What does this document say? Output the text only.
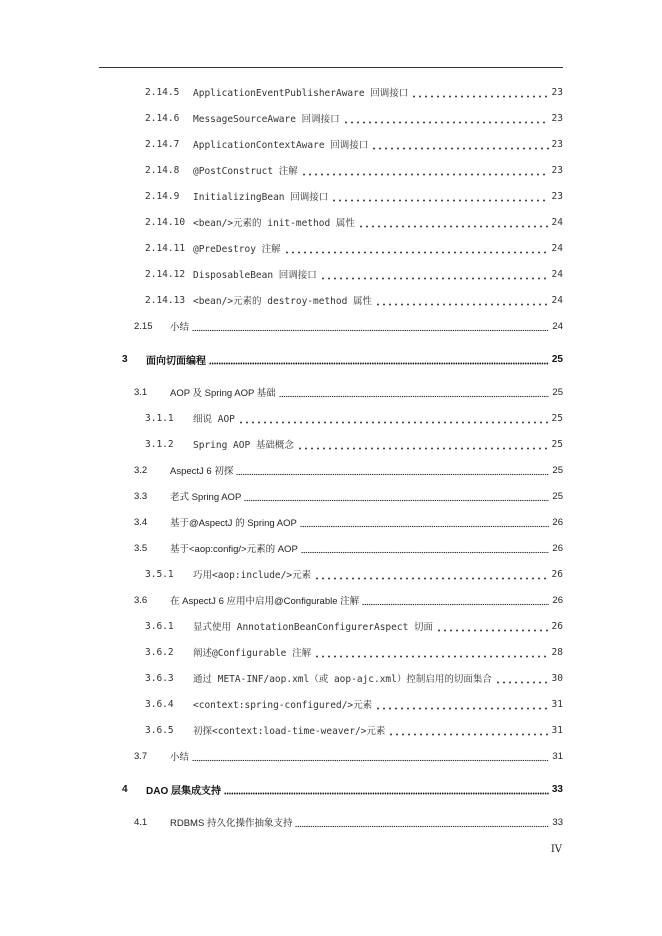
2.14.5	ApplicationEventPublisherAware 回调接口	23
2.14.6	MessageSourceAware 回调接口	23
2.14.7	ApplicationContextAware 回调接口	23
2.14.8	@PostConstruct 注解	23
2.14.9	InitializingBean 回调接口	23
2.14.10 <bean/>元素的 init-method 属性	24
2.14.11 @PreDestroy 注解	24
2.14.12 DisposableBean 回调接口	24
2.14.13 <bean/>元素的 destroy-method 属性	24
2.15	小结	24
3	面向切面编程	25
3.1	AOP 及 Spring AOP 基础	25
3.1.1	细说 AOP	25
3.1.2	Spring AOP 基础概念	25
3.2	AspectJ 6 初探	25
3.3	老式 Spring AOP	25
3.4	基于@AspectJ 的 Spring AOP	26
3.5	基于<aop:config/>元素的 AOP	26
3.5.1	巧用<aop:include/>元素	26
3.6	在 AspectJ 6 应用中启用@Configurable 注解	26
3.6.1	显式使用 AnnotationBeanConfigurerAspect 切面	26
3.6.2	阐述@Configurable 注解	28
3.6.3	通过 META-INF/aop.xml（或 aop-ajc.xml）控制启用的切面集合	30
3.6.4	<context:spring-configured/>元素	31
3.6.5	初探<context:load-time-weaver/>元素	31
3.7	小结	31
4	DAO 层集成支持	33
4.1	RDBMS 持久化操作抽象支持	33
IV
